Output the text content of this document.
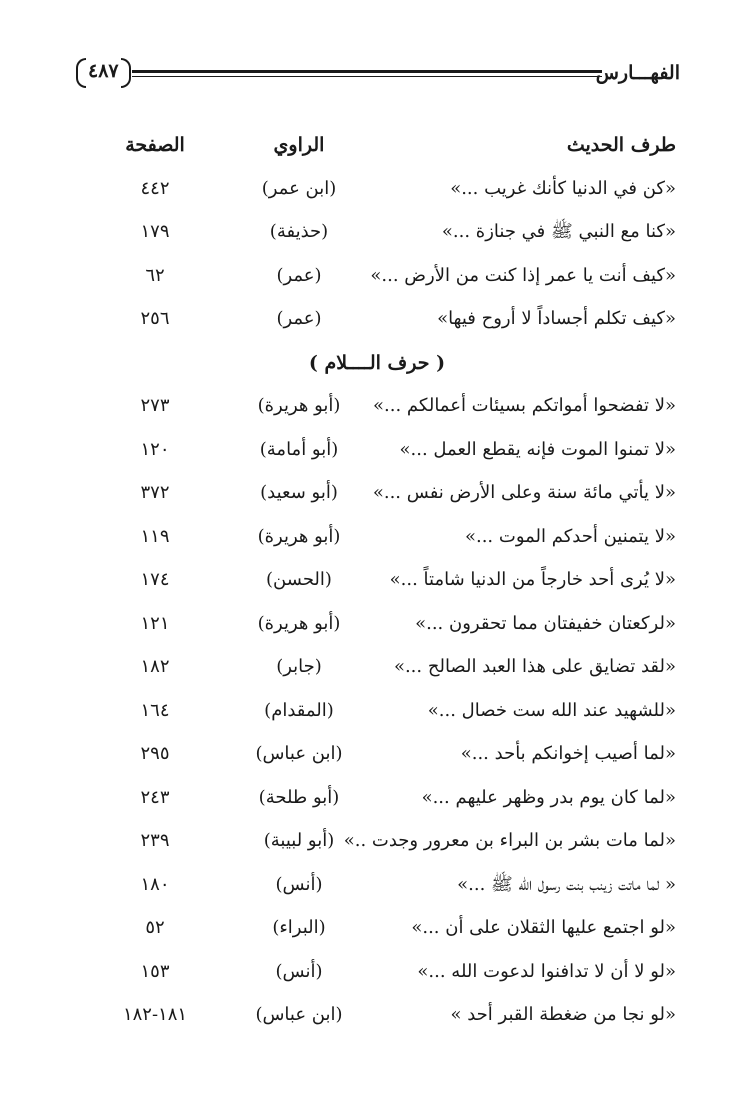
الفهـــارس
٤٨٧
طرف الحديث
الراوي
الصفحة
«كن في الدنيا كأنك غريب ...»
(ابن عمر)
٤٤٢
«كنا مع النبي ﷺ في جنازة ...»
(حذيفة)
١٧٩
«كيف أنت يا عمر إذا كنت من الأرض ...»
(عمر)
٦٢
«كيف تكلم أجساداً لا أروح فيها»
(عمر)
٢٥٦
( حرف الــــلام )
«لا تفضحوا أمواتكم بسيئات أعمالكم ...»
(أبو هريرة)
٢٧٣
«لا تمنوا الموت فإنه يقطع العمل ...»
(أبو أمامة)
١٢٠
«لا يأتي مائة سنة وعلى الأرض نفس ...»
(أبو سعيد)
٣٧٢
«لا يتمنين أحدكم الموت ...»
(أبو هريرة)
١١٩
«لا يُرى أحد خارجاً من الدنيا شامتاً ...»
(الحسن)
١٧٤
«لركعتان خفيفتان مما تحقرون ...»
(أبو هريرة)
١٢١
«لقد تضايق على هذا العبد الصالح ...»
(جابر)
١٨٢
«للشهيد عند الله ست خصال ...»
(المقدام)
١٦٤
«لما أصيب إخوانكم بأحد ...»
(ابن عباس)
٢٩٥
«لما كان يوم بدر وظهر عليهم ...»
(أبو طلحة)
٢٤٣
«لما مات بشر بن البراء بن معرور وجدت ..»
(أبو لبيبة)
٢٣٩
« لما ماتت زينب بنت رسول الله ﷺ ...»
(أنس)
١٨٠
«لو اجتمع عليها الثقلان على أن ...»
(البراء)
٥٢
«لو لا أن لا تدافنوا لدعوت الله ...»
(أنس)
١٥٣
«لو نجا من ضغطة القبر أحد »
(ابن عباس)
١٨١-١٨٢
